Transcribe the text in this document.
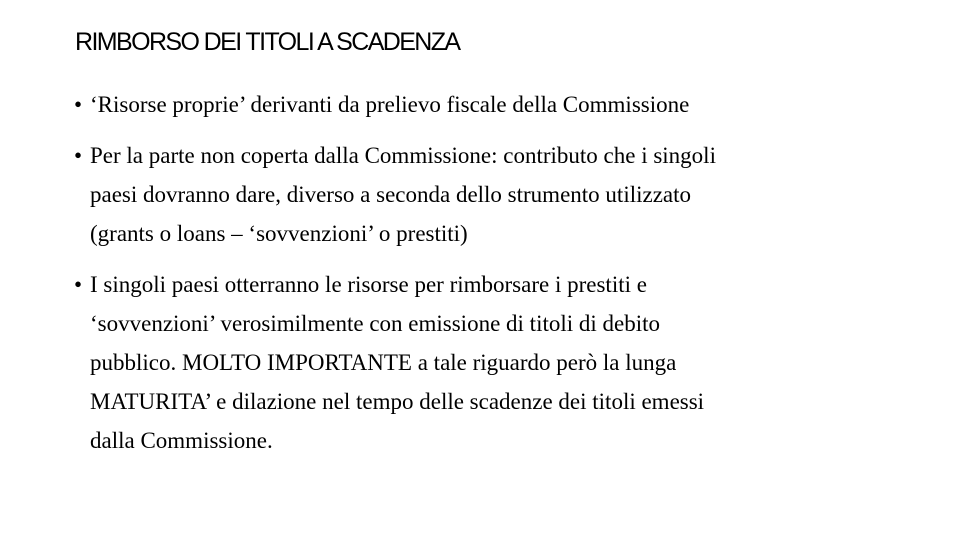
RIMBORSO DEI TITOLI A SCADENZA
• ‘Risorse proprie’ derivanti da prelievo fiscale della Commissione
• Per la parte non coperta dalla Commissione: contributo che i singoli
paesi dovranno dare, diverso a seconda dello strumento utilizzato
(grants o loans – ‘sovvenzioni’ o prestiti)
• I singoli paesi otterranno le risorse per rimborsare i prestiti e
‘sovvenzioni’ verosimilmente con emissione di titoli di debito
pubblico. MOLTO IMPORTANTE a tale riguardo però la lunga
MATURITA’ e dilazione nel tempo delle scadenze dei titoli emessi
dalla Commissione.
